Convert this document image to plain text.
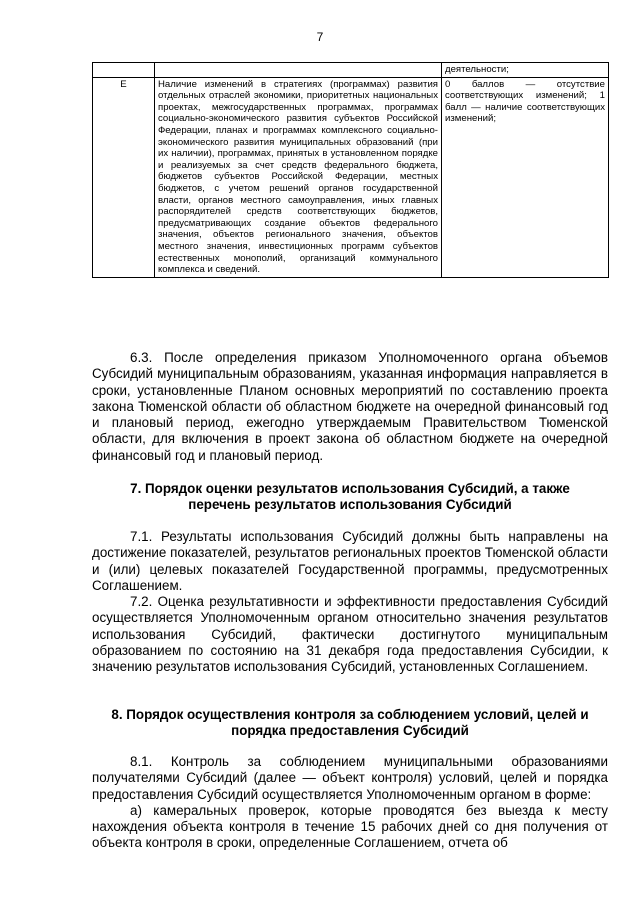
7
		деятельности;
Е	Наличие изменений в стратегиях (программах) развития отдельных отраслей экономики, приоритетных национальных проектах, межгосударственных программах, программах социально-экономического развития субъектов Российской Федерации, планах и программах комплексного социально-экономического развития муниципальных образований (при их наличии), программах, принятых в установленном порядке и реализуемых за счет средств федерального бюджета, бюджетов субъектов Российской Федерации, местных бюджетов, с учетом решений органов государственной власти, органов местного самоуправления, иных главных распорядителей средств соответствующих бюджетов, предусматривающих создание объектов федерального значения, объектов регионального значения, объектов местного значения, инвестиционных программ субъектов естественных монополий, организаций коммунального комплекса и сведений.	0 баллов — отсутствие соответствующих изменений; 1 балл — наличие соответствующих изменений;

6.3. После определения приказом Уполномоченного органа объемов Субсидий муниципальным образованиям, указанная информация направляется в сроки, установленные Планом основных мероприятий по составлению проекта закона Тюменской области об областном бюджете на очередной финансовый год и плановый период, ежегодно утверждаемым Правительством Тюменской области, для включения в проект закона об областном бюджете на очередной финансовый год и плановый период.

7. Порядок оценки результатов использования Субсидий, а также
перечень результатов использования Субсидий

7.1. Результаты использования Субсидий должны быть направлены на достижение показателей, результатов региональных проектов Тюменской области и (или) целевых показателей Государственной программы, предусмотренных Соглашением.

7.2. Оценка результативности и эффективности предоставления Субсидий осуществляется Уполномоченным органом относительно значения результатов использования Субсидий, фактически достигнутого муниципальным образованием по состоянию на 31 декабря года предоставления Субсидии, к значению результатов использования Субсидий, установленных Соглашением.

8. Порядок осуществления контроля за соблюдением условий, целей и
порядка предоставления Субсидий

8.1. Контроль за соблюдением муниципальными образованиями получателями Субсидий (далее — объект контроля) условий, целей и порядка предоставления Субсидий осуществляется Уполномоченным органом в форме:

а) камеральных проверок, которые проводятся без выезда к месту нахождения объекта контроля в течение 15 рабочих дней со дня получения от объекта контроля в сроки, определенные Соглашением, отчета об
